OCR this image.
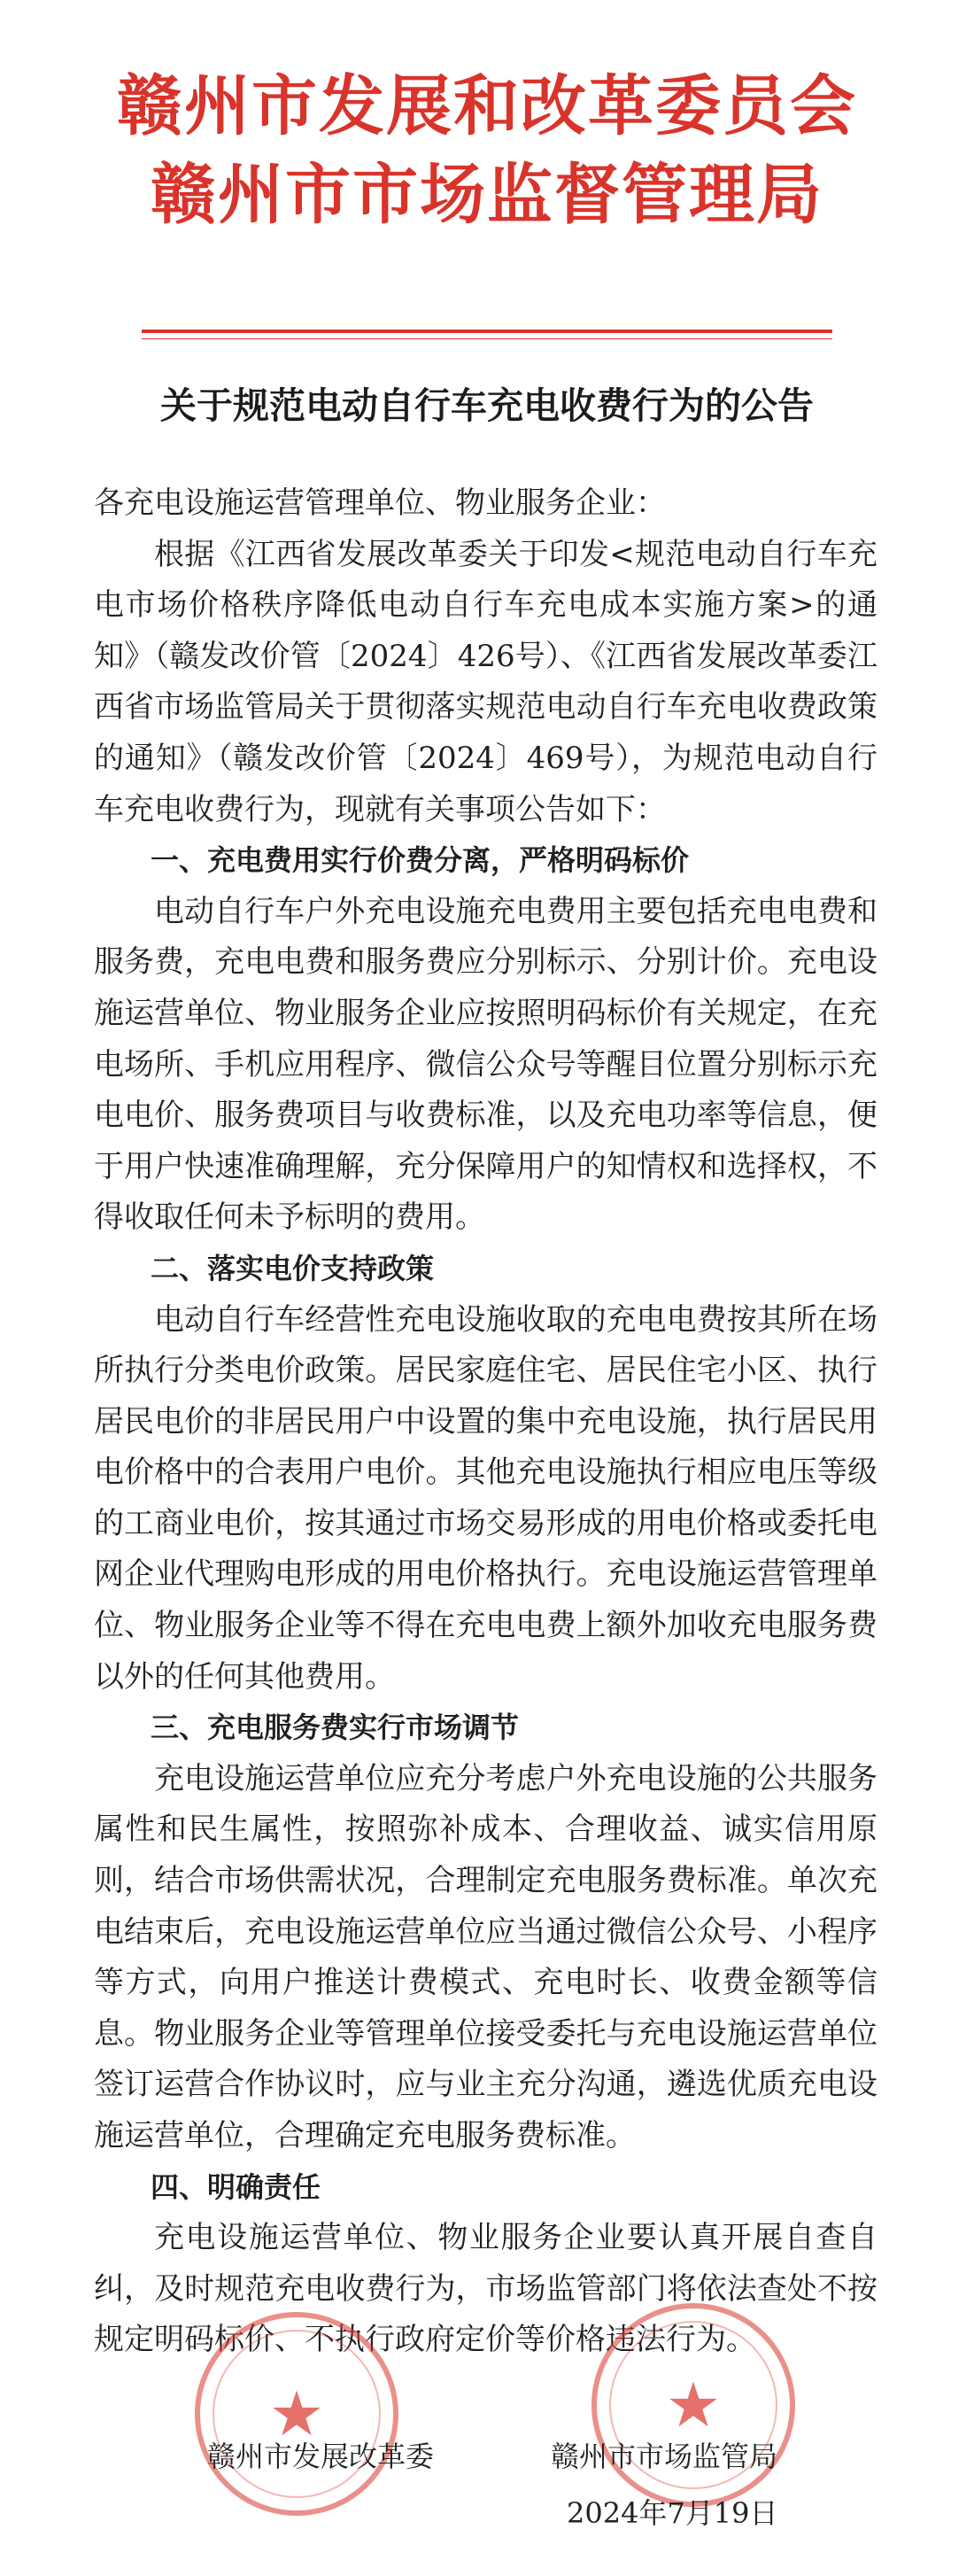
赣州市发展和改革委员会
赣州市市场监督管理局
关于规范电动自行车充电收费行为的公告

各充电设施运营管理单位、物业服务企业：

根据《江西省发展改革委关于印发<规范电动自行车充电市场价格秩序降低电动自行车充电成本实施方案>的通知》（赣发改价管〔2024〕426号）、《江西省发展改革委江西省市场监管局关于贯彻落实规范电动自行车充电收费政策的通知》（赣发改价管〔2024〕469号），为规范电动自行车充电收费行为，现就有关事项公告如下：

一、充电费用实行价费分离，严格明码标价

电动自行车户外充电设施充电费用主要包括充电电费和服务费，充电电费和服务费应分别标示、分别计价。充电设施运营单位、物业服务企业应按照明码标价有关规定，在充电场所、手机应用程序、微信公众号等醒目位置分别标示充电电价、服务费项目与收费标准，以及充电功率等信息，便于用户快速准确理解，充分保障用户的知情权和选择权，不得收取任何未予标明的费用。

二、落实电价支持政策

电动自行车经营性充电设施收取的充电电费按其所在场所执行分类电价政策。居民家庭住宅、居民住宅小区、执行居民电价的非居民用户中设置的集中充电设施，执行居民用电价格中的合表用户电价。其他充电设施执行相应电压等级的工商业电价，按其通过市场交易形成的用电价格或委托电网企业代理购电形成的用电价格执行。充电设施运营管理单位、物业服务企业等不得在充电电费上额外加收充电服务费以外的任何其他费用。

三、充电服务费实行市场调节

充电设施运营单位应充分考虑户外充电设施的公共服务属性和民生属性，按照弥补成本、合理收益、诚实信用原则，结合市场供需状况，合理制定充电服务费标准。单次充电结束后，充电设施运营单位应当通过微信公众号、小程序等方式，向用户推送计费模式、充电时长、收费金额等信息。物业服务企业等管理单位接受委托与充电设施运营单位签订运营合作协议时，应与业主充分沟通，遴选优质充电设施运营单位，合理确定充电服务费标准。

四、明确责任

充电设施运营单位、物业服务企业要认真开展自查自纠，及时规范充电收费行为，市场监管部门将依法查处不按规定明码标价、不执行政府定价等价格违法行为。

★	★
赣州市发展改革委	赣州市市场监管局
2024年7月19日
